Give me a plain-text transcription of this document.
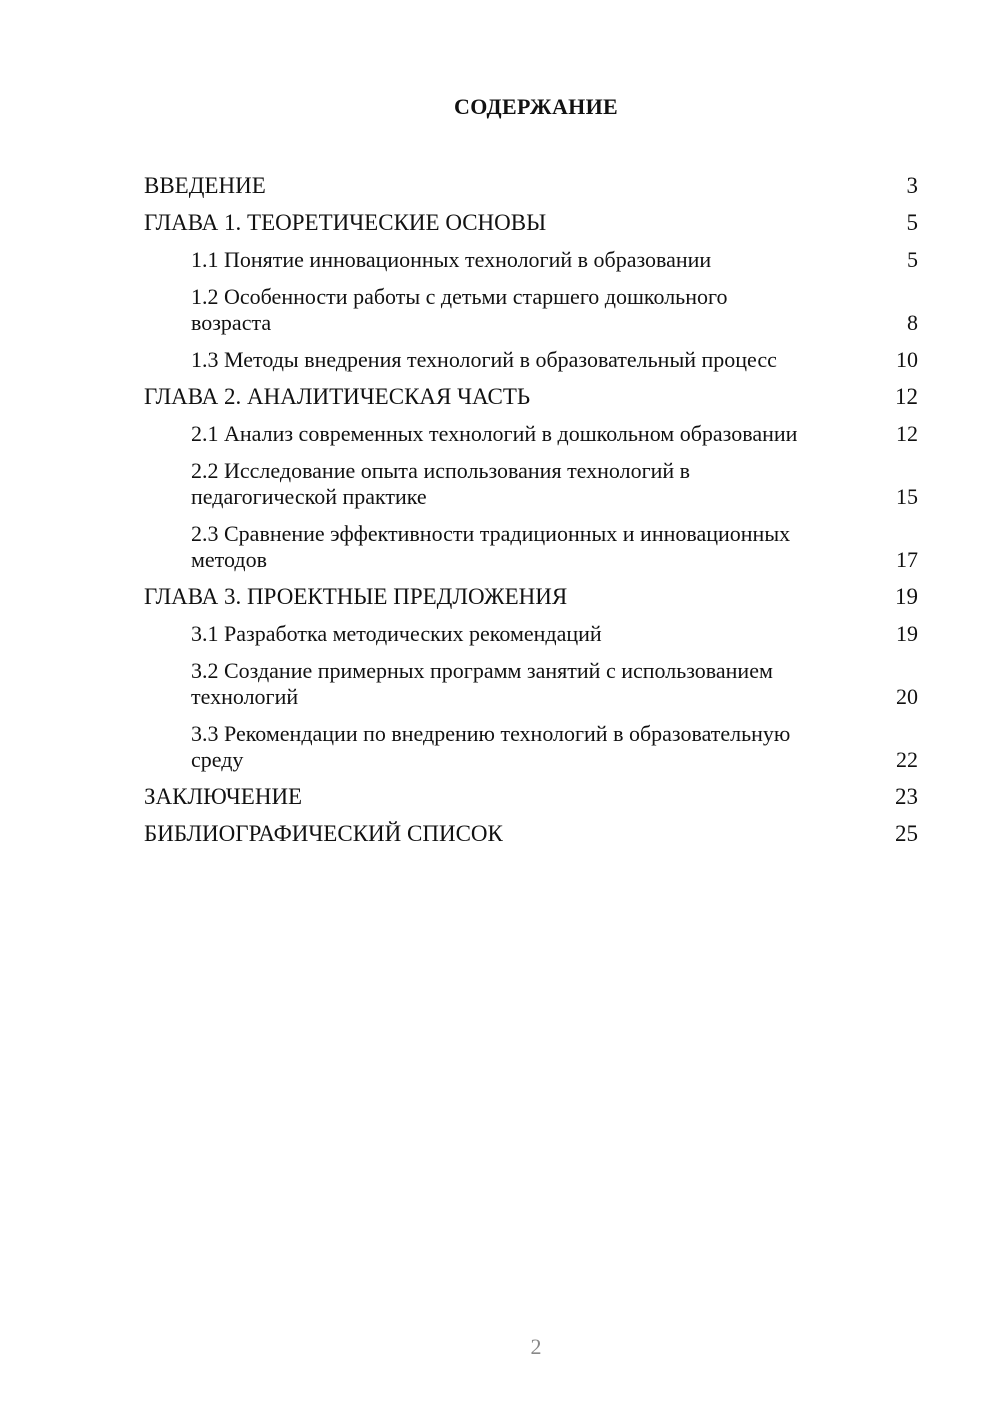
СОДЕРЖАНИЕ
ВВЕДЕНИЕ	3
ГЛАВА 1. ТЕОРЕТИЧЕСКИЕ ОСНОВЫ	5
1.1 Понятие инновационных технологий в образовании	5
1.2 Особенности работы с детьми старшего дошкольного возраста	8
1.3 Методы внедрения технологий в образовательный процесс	10
ГЛАВА 2. АНАЛИТИЧЕСКАЯ ЧАСТЬ	12
2.1 Анализ современных технологий в дошкольном образовании	12
2.2 Исследование опыта использования технологий в педагогической практике	15
2.3 Сравнение эффективности традиционных и инновационных методов	17
ГЛАВА 3. ПРОЕКТНЫЕ ПРЕДЛОЖЕНИЯ	19
3.1 Разработка методических рекомендаций	19
3.2 Создание примерных программ занятий с использованием технологий	20
3.3 Рекомендации по внедрению технологий в образовательную среду	22
ЗАКЛЮЧЕНИЕ	23
БИБЛИОГРАФИЧЕСКИЙ СПИСОК	25
2
